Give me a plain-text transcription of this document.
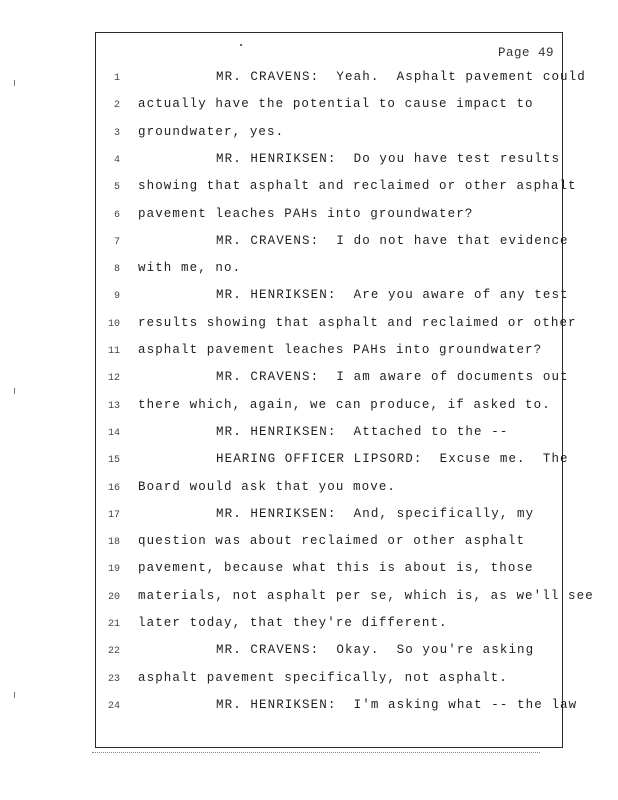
Page 49
1	MR. CRAVENS:  Yeah.  Asphalt pavement could
2 actually have the potential to cause impact to
3 groundwater, yes.
4	MR. HENRIKSEN:  Do you have test results
5 showing that asphalt and reclaimed or other asphalt
6 pavement leaches PAHs into groundwater?
7	MR. CRAVENS:  I do not have that evidence
8 with me, no.
9	MR. HENRIKSEN:  Are you aware of any test
10 results showing that asphalt and reclaimed or other
11 asphalt pavement leaches PAHs into groundwater?
12	MR. CRAVENS:  I am aware of documents out
13 there which, again, we can produce, if asked to.
14	MR. HENRIKSEN:  Attached to the --
15	HEARING OFFICER LIPSORD:  Excuse me.  The
16 Board would ask that you move.
17	MR. HENRIKSEN:  And, specifically, my
18 question was about reclaimed or other asphalt
19 pavement, because what this is about is, those
20 materials, not asphalt per se, which is, as we'll see
21 later today, that they're different.
22	MR. CRAVENS:  Okay.  So you're asking
23 asphalt pavement specifically, not asphalt.
24	MR. HENRIKSEN:  I'm asking what -- the law
